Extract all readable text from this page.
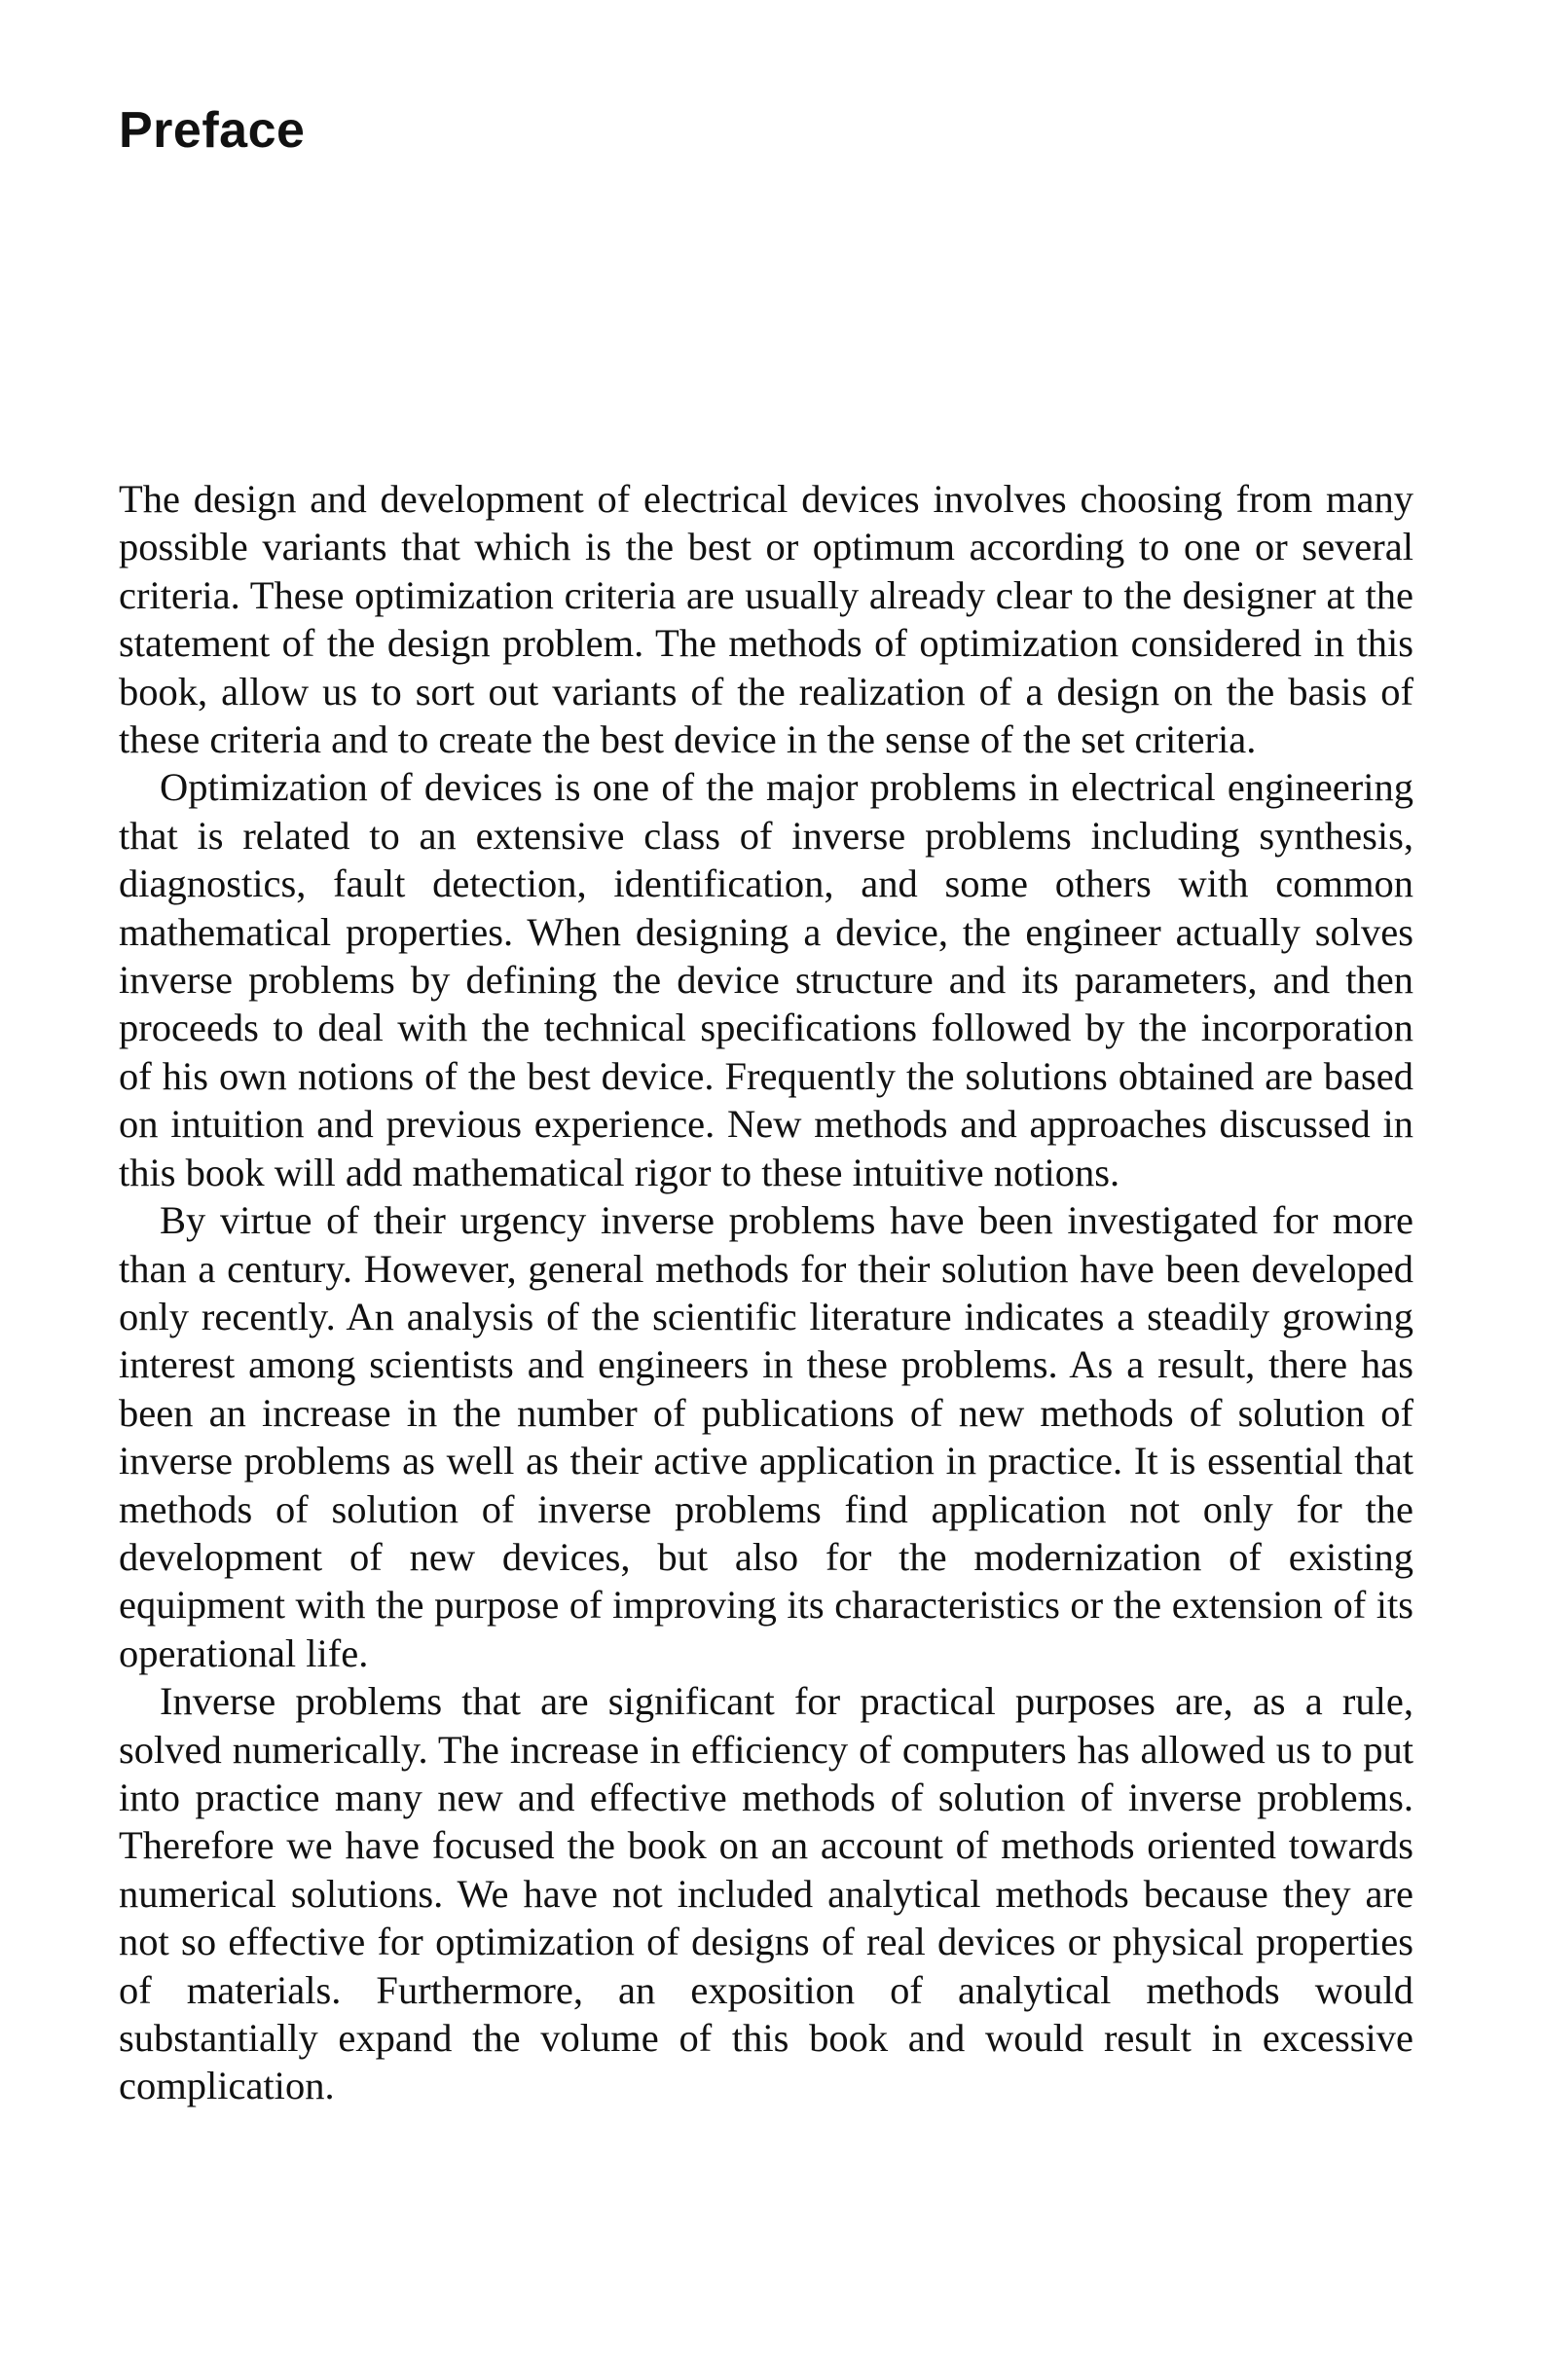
Preface

The design and development of electrical devices involves choosing from many possible variants that which is the best or optimum according to one or several criteria. These optimization criteria are usually already clear to the designer at the statement of the design problem. The methods of optimization considered in this book, allow us to sort out variants of the realization of a design on the basis of these criteria and to create the best device in the sense of the set criteria.

Optimization of devices is one of the major problems in electrical engineering that is related to an extensive class of inverse problems including synthesis, diagnostics, fault detection, identification, and some others with common mathematical properties. When designing a device, the engineer actually solves inverse problems by defining the device structure and its parameters, and then proceeds to deal with the technical specifications followed by the incorporation of his own notions of the best device. Frequently the solutions obtained are based on intuition and previous experience. New methods and approaches discussed in this book will add mathematical rigor to these intuitive notions.

By virtue of their urgency inverse problems have been investigated for more than a century. However, general methods for their solution have been developed only recently. An analysis of the scientific literature indicates a steadily growing interest among scientists and engineers in these problems. As a result, there has been an increase in the number of publications of new methods of solution of inverse problems as well as their active application in practice. It is essential that methods of solution of inverse problems find application not only for the development of new devices, but also for the modernization of existing equipment with the purpose of improving its characteristics or the extension of its operational life.

Inverse problems that are significant for practical purposes are, as a rule, solved numerically. The increase in efficiency of computers has allowed us to put into practice many new and effective methods of solution of inverse problems. Therefore we have focused the book on an account of methods oriented towards numerical solutions. We have not included analytical methods because they are not so effective for optimization of designs of real devices or physical properties of materials. Furthermore, an exposition of analytical methods would substantially expand the volume of this book and would result in excessive complication.
